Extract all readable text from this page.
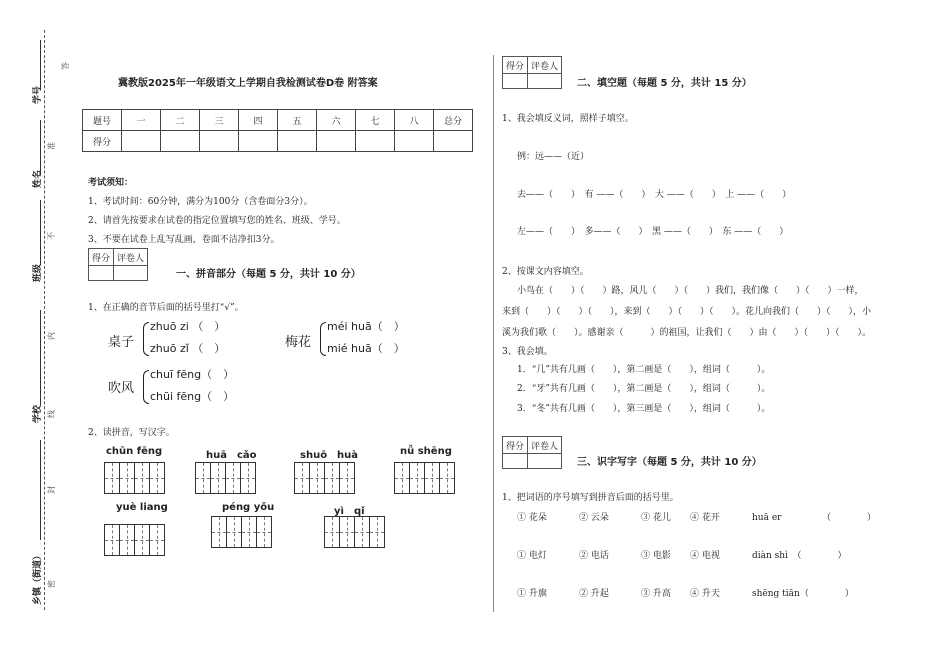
学号
姓名
班级
学校
乡镇（街道）
答
准
不
内
线
封
密
冀教版2025年一年级语文上学期自我检测试卷D卷 附答案
题号	一	二	三	四	五	六	七	八	总分
得分									
考试须知：
1、考试时间：60分钟，满分为100分（含卷面分3分）。
2、请首先按要求在试卷的指定位置填写您的姓名、班级、学号。
3、不要在试卷上乱写乱画，卷面不洁净扣3分。
得分	评卷人

一、拼音部分（每题 5 分，共计 10 分）
1、在正确的音节后面的括号里打“√”。
桌子
zhuō zi （　）
zhuō zǐ （　）	梅花
méi huā（　）
mié huā（　）
吹风
chuī fēng（　）
chūi fēng（　）
2、读拼音，写汉字。
chūn fēng	huā　cǎo	shuō　huà	nǚ shēng
yuè liang	péng yǒu	yì　qǐ
得分	评卷人

二、填空题（每题 5 分，共计 15 分）
1、我会填反义词，照样子填空。
例：远——（近）
去——（　　）　有 ——（　　）　大 ——（　　）　上 ——（　　）
左——（　　）　多——（　　）　黑 ——（　　）　东 ——（　　）
2、按课文内容填空。
小鸟在（　　）（　　）路，风儿（　　）（　　）我们，我们像（　　）（　　）一样，
来到（　　）（　　）（　　），来到（　　）（　　）（　　）。花儿向我们（　　）（　　），小
溪为我们歌（　　）。感谢亲（　　　）的祖国，让我们（　　）由（　　）（　　）（　　）。
3、我会填。
1．“几”共有几画（　　），第二画是（　　），组词（　　　）。
2．“牙”共有几画（　　），第二画是（　　），组词（　　　）。
3．“冬”共有几画（　　），第三画是（　　），组词（　　　）。
得分	评卷人

三、识字写字（每题 5 分，共计 10 分）
1、把词语的序号填写到拼音后面的括号里。
① 花朵	② 云朵	③ 花儿 ④ 花开	huā er　　　　　（　　　　）
① 电灯	② 电话	③ 电影 ④ 电视	diàn shì　（　　　　）
① 升旗	② 升起	③ 升高 ④ 升天	shēng tiān（　　　　）
